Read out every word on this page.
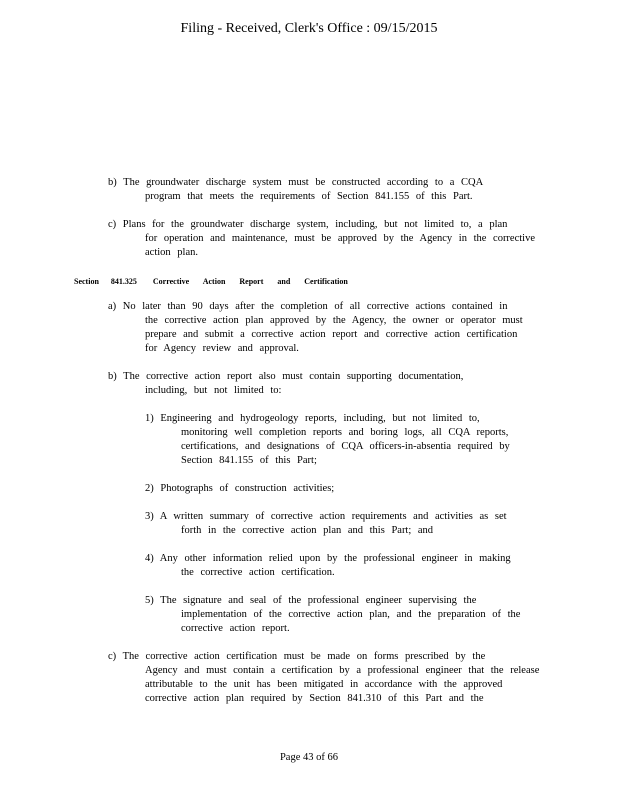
Filing - Received, Clerk's Office : 09/15/2015
b) The groundwater discharge system must be constructed according to a CQA
program that meets the requirements of Section 841.155 of this Part.
c) Plans for the groundwater discharge system, including, but not limited to, a plan
for operation and maintenance, must be approved by the Agency in the corrective
action plan.
Section 841.325 Corrective Action Report and Certification
a) No later than 90 days after the completion of all corrective actions contained in
the corrective action plan approved by the Agency, the owner or operator must
prepare and submit a corrective action report and corrective action certification
for Agency review and approval.
b) The corrective action report also must contain supporting documentation,
including, but not limited to:
1) Engineering and hydrogeology reports, including, but not limited to,
monitoring well completion reports and boring logs, all CQA reports,
certifications, and designations of CQA officers-in-absentia required by
Section 841.155 of this Part;
2) Photographs of construction activities;
3) A written summary of corrective action requirements and activities as set
forth in the corrective action plan and this Part; and
4) Any other information relied upon by the professional engineer in making
the corrective action certification.
5) The signature and seal of the professional engineer supervising the
implementation of the corrective action plan, and the preparation of the
corrective action report.
c) The corrective action certification must be made on forms prescribed by the
Agency and must contain a certification by a professional engineer that the release
attributable to the unit has been mitigated in accordance with the approved
corrective action plan required by Section 841.310 of this Part and the
Page 43 of 66
